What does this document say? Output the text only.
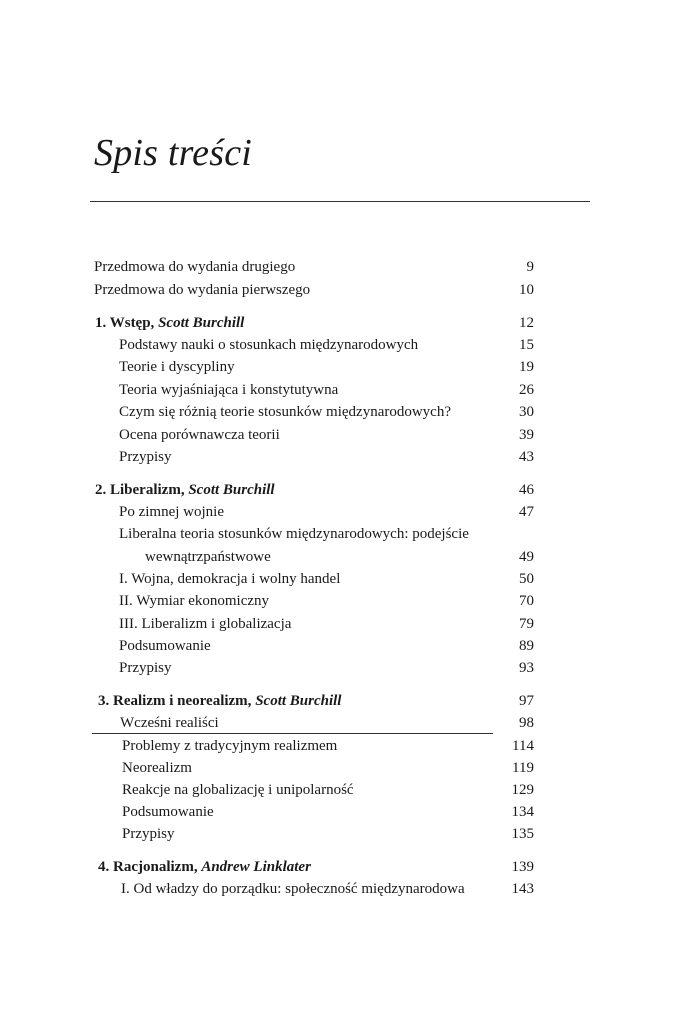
Spis treści
Przedmowa do wydania drugiego	9
Przedmowa do wydania pierwszego	10
1. Wstęp, Scott Burchill	12
Podstawy nauki o stosunkach międzynarodowych	15
Teorie i dyscypliny	19
Teoria wyjaśniająca i konstytutywna	26
Czym się różnią teorie stosunków międzynarodowych?	30
Ocena porównawcza teorii	39
Przypisy	43
2. Liberalizm, Scott Burchill	46
Po zimnej wojnie	47
Liberalna teoria stosunków międzynarodowych: podejście
wewnątrzpaństwowe	49
I. Wojna, demokracja i wolny handel	50
II. Wymiar ekonomiczny	70
III. Liberalizm i globalizacja	79
Podsumowanie	89
Przypisy	93
3. Realizm i neorealizm, Scott Burchill	97
Wcześni realiści	98
Problemy z tradycyjnym realizmem	114
Neorealizm	119
Reakcje na globalizację i unipolarność	129
Podsumowanie	134
Przypisy	135
4. Racjonalizm, Andrew Linklater	139
I. Od władzy do porządku: społeczność międzynarodowa	143
